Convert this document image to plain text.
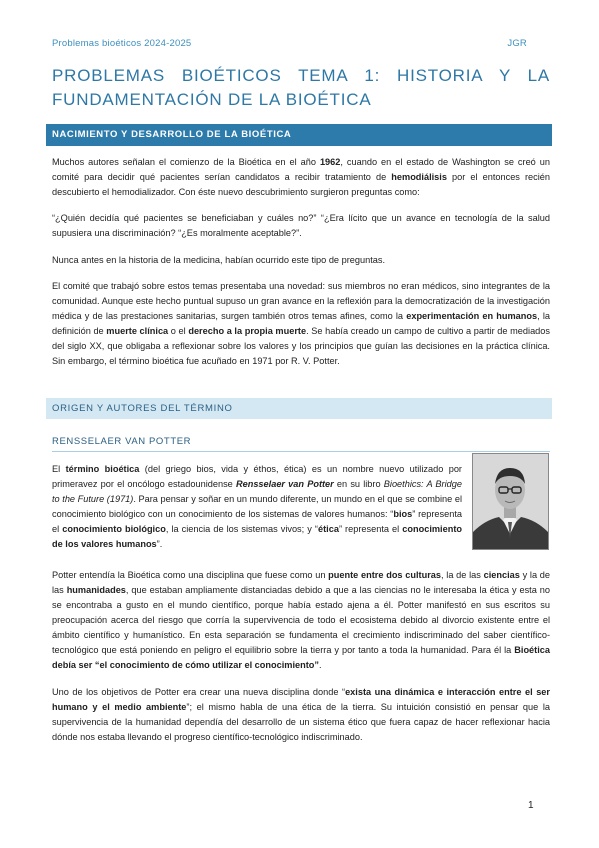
Problemas bioéticos 2024-2025	JGR
PROBLEMAS BIOÉTICOS TEMA 1: HISTORIA Y LA FUNDAMENTACIÓN DE LA BIOÉTICA
NACIMIENTO Y DESARROLLO DE LA BIOÉTICA

Muchos autores señalan el comienzo de la Bioética en el año 1962, cuando en el estado de Washington se creó un comité para decidir qué pacientes serían candidatos a recibir tratamiento de hemodiálisis por el entonces recién descubierto el hemodializador. Con éste nuevo descubrimiento surgieron preguntas como:

“¿Quién decidía qué pacientes se beneficiaban y cuáles no?” “¿Era lícito que un avance en tecnología de la salud supusiera una discriminación? “¿Es moralmente aceptable?”.

Nunca antes en la historia de la medicina, habían ocurrido este tipo de preguntas.

El comité que trabajó sobre estos temas presentaba una novedad: sus miembros no eran médicos, sino integrantes de la comunidad. Aunque este hecho puntual supuso un gran avance en la reflexión para la democratización de la investigación médica y de las prestaciones sanitarias, surgen también otros temas afines, como la experimentación en humanos, la definición de muerte clínica o el derecho a la propia muerte. Se había creado un campo de cultivo a partir de mediados del siglo XX, que obligaba a reflexionar sobre los valores y los principios que guían las decisiones en la práctica clínica. Sin embargo, el término bioética fue acuñado en 1971 por R. V. Potter.

ORIGEN Y AUTORES DEL TÉRMINO
RENSSELAER VAN POTTER

El término bioética (del griego bios, vida y éthos, ética) es un nombre nuevo utilizado por primeravez por el oncólogo estadounidense Rensselaer van Potter en su libro Bioethics: A Bridge to the Future (1971). Para pensar y soñar en un mundo diferente, un mundo en el que se combine el conocimiento biológico con un conocimiento de los sistemas de valores humanos: “bios” representa el conocimiento biológico, la ciencia de los sistemas vivos; y “ética” representa el conocimiento de los valores humanos”.

Potter entendía la Bioética como una disciplina que fuese como un puente entre dos culturas, la de las ciencias y la de las humanidades, que estaban ampliamente distanciadas debido a que a las ciencias no le interesaba la ética y esta no se encontraba a gusto en el mundo científico, porque había estado ajena a él. Potter manifestó en sus escritos su preocupación acerca del riesgo que corría la supervivencia de todo el ecosistema debido al divorcio existente entre el ámbito científico y humanístico. En esta separación se fundamenta el crecimiento indiscriminado del saber científico-tecnológico que está poniendo en peligro el equilibrio sobre la tierra y por tanto a toda la humanidad. Para él la Bioética debía ser “el conocimiento de cómo utilizar el conocimiento”.

Uno de los objetivos de Potter era crear una nueva disciplina donde “exista una dinámica e interacción entre el ser humano y el medio ambiente”; el mismo habla de una ética de la tierra. Su intuición consistió en pensar que la supervivencia de la humanidad dependía del desarrollo de un sistema ético que fuera capaz de hacer reflexionar hacia dónde nos estaba llevando el progreso científico-tecnológico indiscriminado.

1
